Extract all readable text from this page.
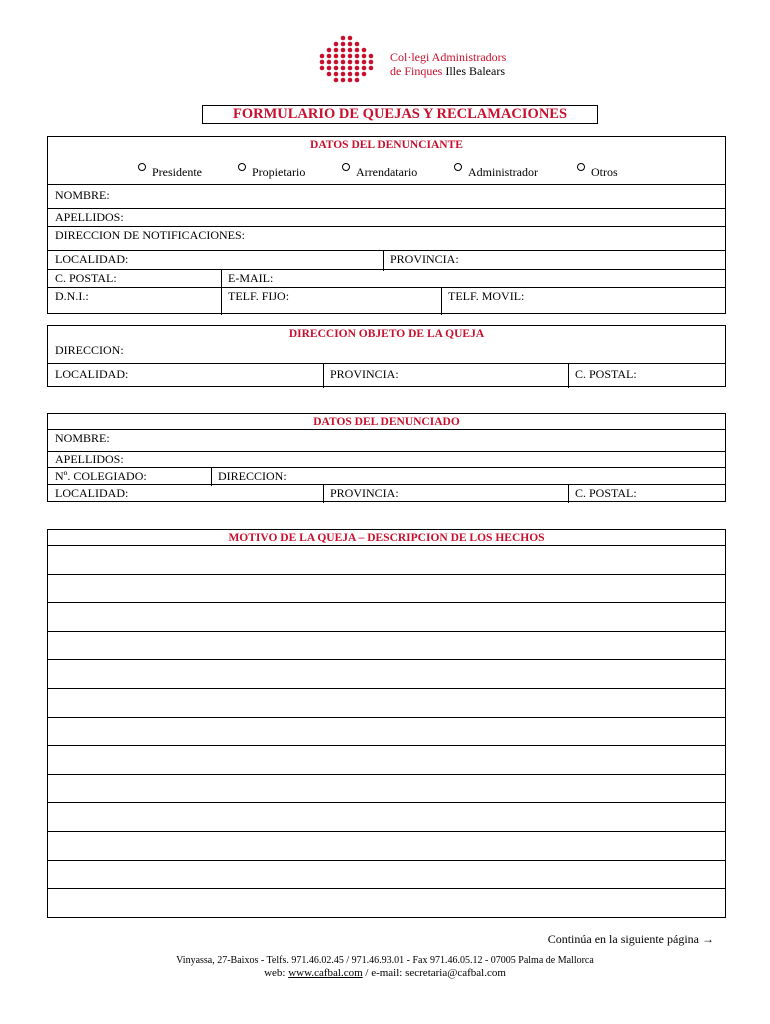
Col·legi Administradors
de Finques Illes Balears
FORMULARIO DE QUEJAS Y RECLAMACIONES
DATOS DEL DENUNCIANTE
Presidente	Propietario	Arrendatario	Administrador	Otros
NOMBRE:
APELLIDOS:
DIRECCION DE NOTIFICACIONES:
LOCALIDAD:	PROVINCIA:
C. POSTAL:	E-MAIL:
D.N.I.:	TELF. FIJO:	TELF. MOVIL:
DIRECCION OBJETO DE LA QUEJA
DIRECCION:
LOCALIDAD:	PROVINCIA:	C. POSTAL:
DATOS DEL DENUNCIADO
NOMBRE:
APELLIDOS:
Nº. COLEGIADO:	DIRECCION:
LOCALIDAD:	PROVINCIA:	C. POSTAL:
MOTIVO DE LA QUEJA – DESCRIPCION DE LOS HECHOS
Continúa en la siguiente página →
Vinyassa, 27-Baixos - Telfs. 971.46.02.45 / 971.46.93.01 - Fax 971.46.05.12 - 07005 Palma de Mallorca
web: www.cafbal.com / e-mail: secretaria@cafbal.com
